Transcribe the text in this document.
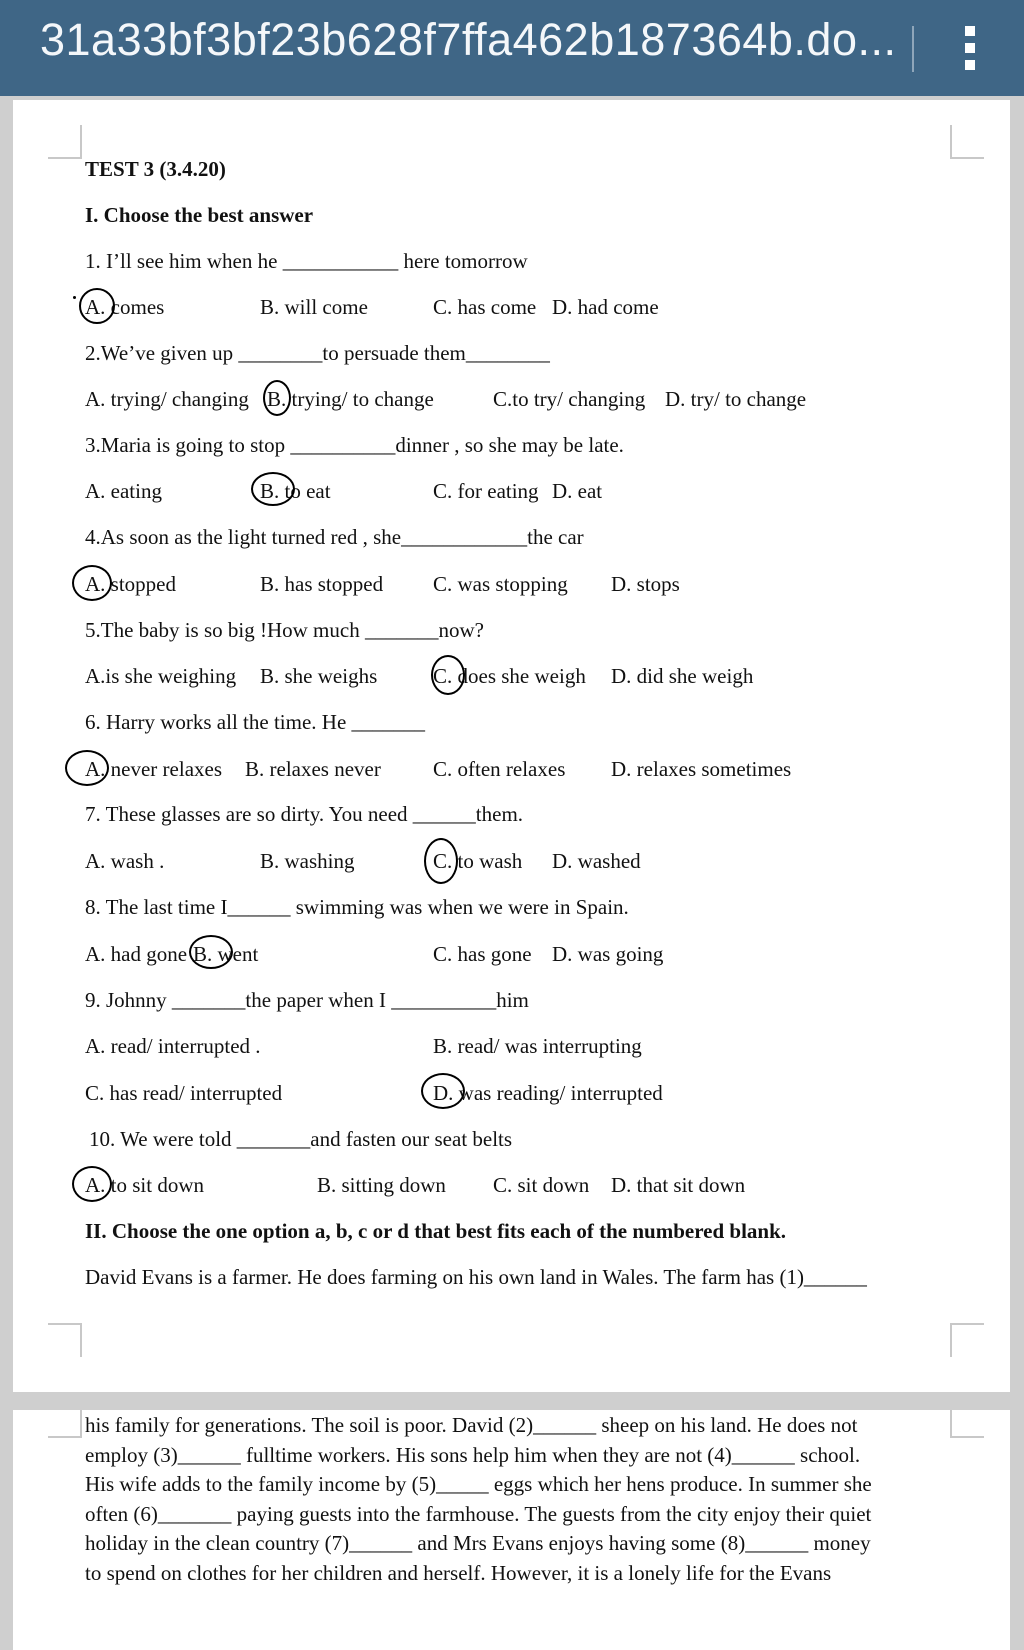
31a33bf3bf23b628f7ffa462b187364b.do...
TEST 3 (3.4.20)
I. Choose the best answer
1. I’ll see him when he ___________ here tomorrow
A. comes	B. will come	C. has come D. had come
2.We’ve given up ________to persuade them________
A. trying/ changing B. trying/ to change	C.to try/ changing D. try/ to change
3.Maria is going to stop __________dinner , so she may be late.
A. eating	B. to eat	C. for eating D. eat
4.As soon as the light turned red , she____________the car
A. stopped	B. has stopped C. was stopping D. stops
5.The baby is so big !How much _______now?
A.is she weighing B. she weighs	C. does she weigh D. did she weigh
6. Harry works all the time. He _______
A. never relaxes B. relaxes never C. often relaxes D. relaxes sometimes
7. These glasses are so dirty. You need ______them.
A. wash .	B. washing	C. to wash D. washed
8. The last time I______ swimming was when we were in Spain.
A. had gone B. went	C. has gone D. was going
9. Johnny _______the paper when I __________him
A. read/ interrupted .	B. read/ was interrupting
C. has read/ interrupted	D. was reading/ interrupted
10. We were told _______and fasten our seat belts
A. to sit down	B. sitting down C. sit down D. that sit down
II. Choose the one option a, b, c or d that best fits each of the numbered blank.
David Evans is a farmer. He does farming on his own land in Wales. The farm has (1)______
his family for generations. The soil is poor. David (2)______ sheep on his land. He does not
employ (3)______ fulltime workers. His sons help him when they are not (4)______ school.
His wife adds to the family income by (5)_____ eggs which her hens produce. In summer she
often (6)_______ paying guests into the farmhouse. The guests from the city enjoy their quiet
holiday in the clean country (7)______ and Mrs Evans enjoys having some (8)______ money
to spend on clothes for her children and herself. However, it is a lonely life for the Evans
